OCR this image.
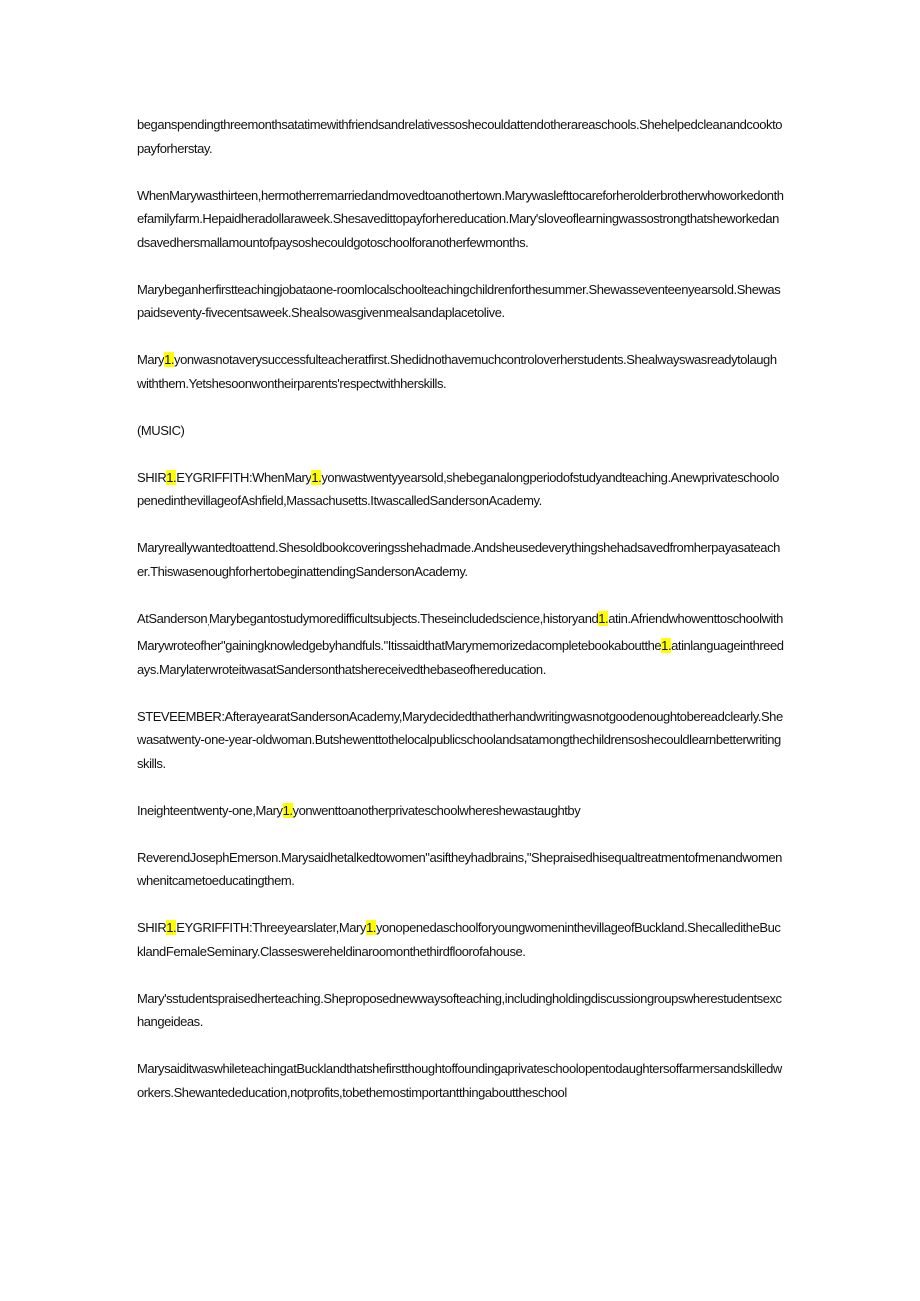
beganspendingthreemonthsatatimewithfriendsandrelativessoshecouldattendotherareaschools.Shehelpedcleanandcooktopayforherstay.

WhenMarywasthirteen,hermotherremarriedandmovedtoanothertown.Marywaslefttocareforherolderbrotherwhoworkedonthefamilyfarm.Hepaidheradollaraweek.Shesavedittopayforhereducation.Mary'sloveoflearningwassostrongthatsheworkedandsavedhersmallamountofpaysoshecouldgotoschoolforanotherfewmonths.

Marybeganherfirstteachingjobataone-roomlocalschoolteachingchildrenforthesummer.Shewasseventeenyearsold.Shewaspaidseventy-fivecentsaweek.Shealsowasgivenmealsandaplacetolive.

Mary1.yonwasnotaverysuccessfulteacheratfirst.Shedidnothavemuchcontroloverherstudents.Shealwayswasreadytolaughwiththem.Yetshesoonwontheirparents'respectwithherskills.

(MUSIC)

SHIR1.EYGRIFFITH:WhenMary1.yonwastwentyyearsold,shebeganalongperiodofstudyandteaching.AnewprivateschoolopenedinthevillageofAshfield,Massachusetts.ItwascalledSandersonAcademy.

Maryreallywantedtoattend.Shesoldbookcoveringsshehadmade.Andsheusedeverythingshehadsavedfromherpayasateacher.ThiswasenoughforhertobeginattendingSandersonAcademy.

AtSanderson$_,$Marybegantostudymoredifficultsubjects.Theseincludedscience,historyand1.atin.AfriendwhowenttoschoolwithMarywroteofher"gainingknowledgebyhandfuls."ItissaidthatMarymemorizedacompletebookaboutthe1.atinlanguageinthreedays.MarylaterwroteitwasatSandersonthatshereceivedthebaseofhereducation.

STEVEEMBER:AfterayearatSandersonAcademy,Marydecidedthatherhandwritingwasnotgoodenoughtobereadclearly.Shewasatwenty-one-year-oldwoman.Butshewenttothelocalpublicschoolandsatamongthechildrensoshecouldlearnbetterwritingskills.

Ineighteentwenty-one,Mary1.yonwenttoanotherprivateschoolwhereshewastaughtby

ReverendJosephEmerson.Marysaidhetalkedtowomen"asiftheyhadbrains,"Shepraisedhisequaltreatmentofmenandwomenwhenitcametoeducatingthem.

SHIR1.EYGRIFFITH:Threeyearslater,Mary1.yonopenedaschoolforyoungwomeninthevillageofBuckland.ShecalleditheBucklandFemaleSeminary.Classeswereheldinaroomonthethirdfloorofahouse.

Mary'sstudentspraisedherteaching.Sheproposednewwaysofteaching,includingholdingdiscussiongroupswherestudentsexchangeideas.

MarysaiditwaswhileteachingatBucklandthatshefirstthoughtoffoundingaprivateschoolopentodaughtersoffarmersandskilledworkers.Shewantededucation,notprofits,tobethemostimportantthingabouttheschool
